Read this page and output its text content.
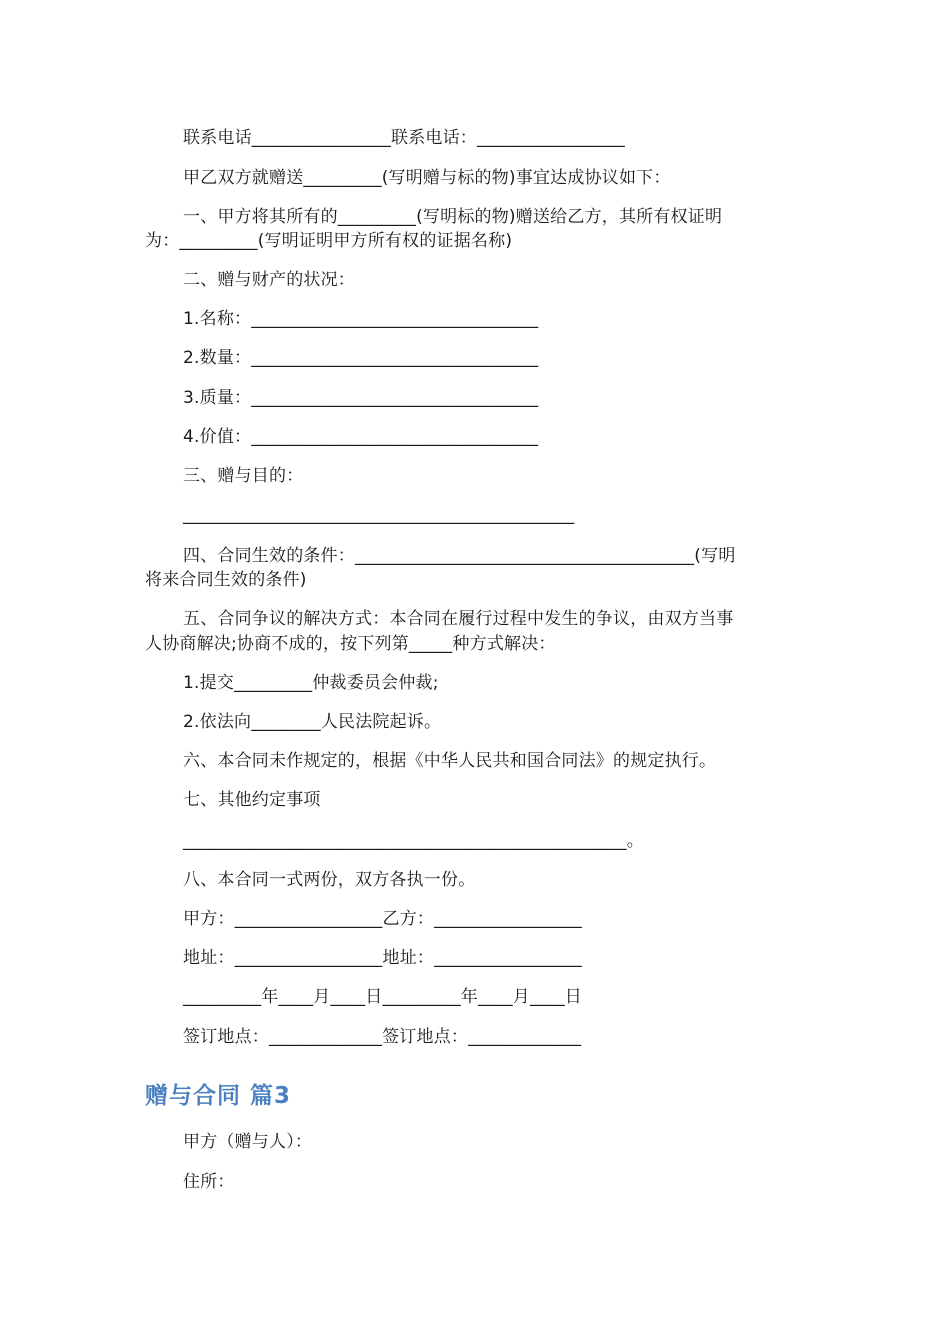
联系电话________________联系电话：_________________
甲乙双方就赠送_________(写明赠与标的物)事宜达成协议如下：
一、甲方将其所有的_________(写明标的物)赠送给乙方，其所有权证明
为：_________(写明证明甲方所有权的证据名称)
二、赠与财产的状况：
1.名称：_________________________________
2.数量：_________________________________
3.质量：_________________________________
4.价值：_________________________________
三、赠与目的：
_____________________________________________
四、合同生效的条件：_______________________________________(写明
将来合同生效的条件)
五、合同争议的解决方式：本合同在履行过程中发生的争议，由双方当事
人协商解决;协商不成的，按下列第_____种方式解决：
1.提交_________仲裁委员会仲裁;
2.依法向________人民法院起诉。
六、本合同未作规定的，根据《中华人民共和国合同法》的规定执行。
七、其他约定事项
___________________________________________________。
八、本合同一式两份，双方各执一份。
甲方：_________________乙方：_________________
地址：_________________地址：_________________
_________年____月____日_________年____月____日
签订地点：_____________签订地点：_____________
赠与合同 篇3
甲方（赠与人）：
住所：
